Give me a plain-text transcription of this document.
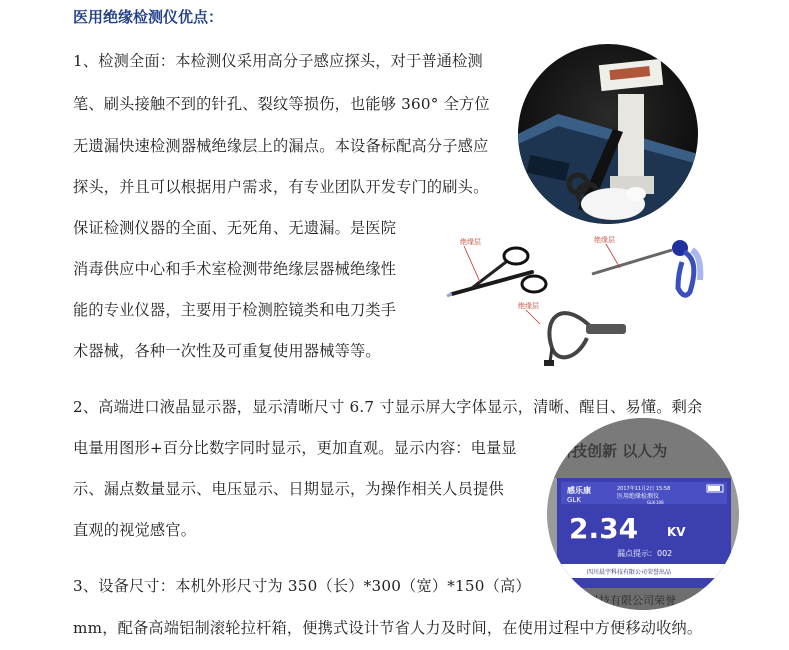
医用绝缘检测仪优点：
1、检测全面：本检测仪采用高分子感应探头，对于普通检测
笔、刷头接触不到的针孔、裂纹等损伤，也能够 360° 全方位
无遗漏快速检测器械绝缘层上的漏点。本设备标配高分子感应
探头，并且可以根据用户需求，有专业团队开发专门的刷头。
保证检测仪器的全面、无死角、无遗漏。是医院
消毒供应中心和手术室检测带绝缘层器械绝缘性
能的专业仪器，主要用于检测腔镜类和电刀类手
术器械，各种一次性及可重复使用器械等等。
2、高端进口液晶显示器，显示清晰尺寸 6.7 寸显示屏大字体显示，清晰、醒目、易懂。剩余
电量用图形+百分比数字同时显示，更加直观。显示内容：电量显
示、漏点数量显示、电压显示、日期显示，为操作相关人员提供
直观的视觉感官。
3、设备尺寸：本机外形尺寸为 350（长）*300（宽）*150（高）
mm，配备高端铝制滚轮拉杆箱，便携式设计节省人力及时间，在使用过程中方便移动收纳。
绝缘层	绝缘层
绝缘层
科技创新 以人为
感乐康
GLK
2017年11月2日 15:58
医用绝缘检测仪
GLK-108
2.34 KV
漏点提示：002
四川晨宇科技有限公司荣誉出品
宇科技有限公司荣誉
